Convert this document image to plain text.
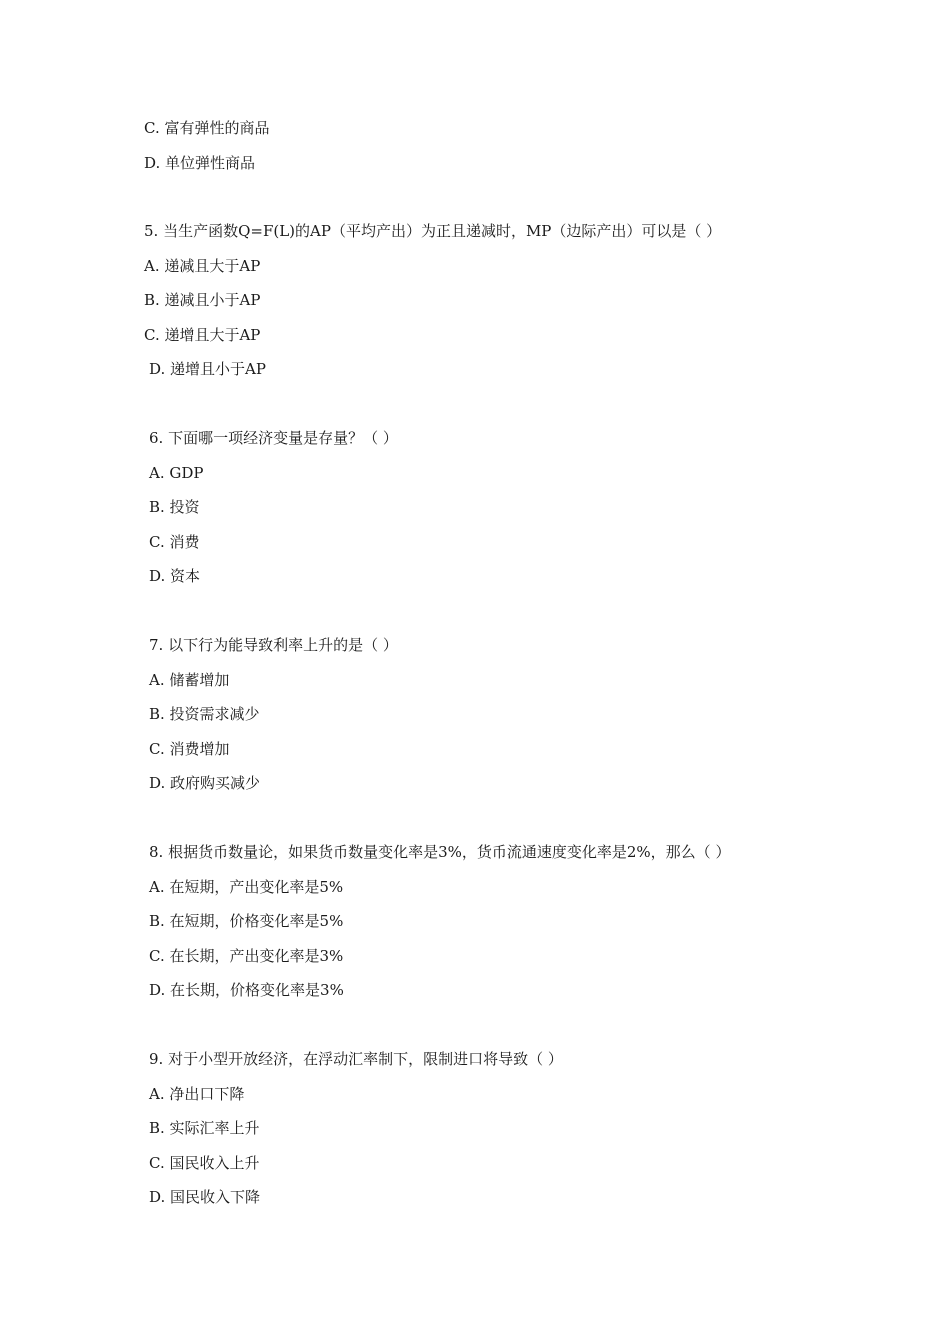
C. 富有弹性的商品
D. 单位弹性商品
5. 当生产函数Q=F(L)的AP（平均产出）为正且递减时，MP（边际产出）可以是（ ）
A. 递减且大于AP
B. 递减且小于AP
C. 递增且大于AP
D. 递增且小于AP
6. 下面哪一项经济变量是存量？（ ）
A. GDP
B. 投资
C. 消费
D. 资本
7. 以下行为能导致利率上升的是（ ）
A. 储蓄增加
B. 投资需求减少
C. 消费增加
D. 政府购买减少
8. 根据货币数量论，如果货币数量变化率是3%，货币流通速度变化率是2%，那么（ ）
A. 在短期，产出变化率是5%
B. 在短期，价格变化率是5%
C. 在长期，产出变化率是3%
D. 在长期，价格变化率是3%
9. 对于小型开放经济，在浮动汇率制下，限制进口将导致（ ）
A. 净出口下降
B. 实际汇率上升
C. 国民收入上升
D. 国民收入下降
